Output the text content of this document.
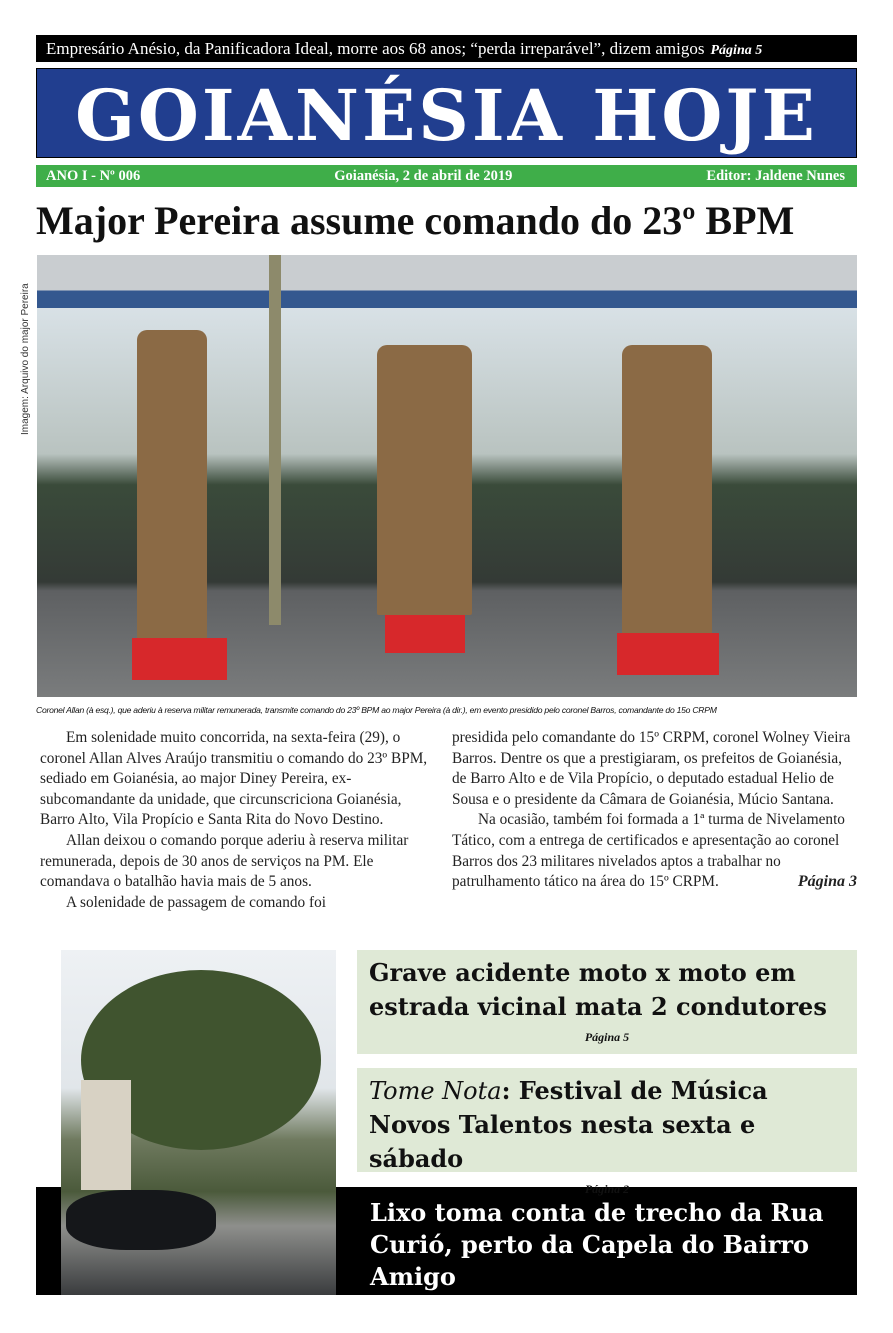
Empresário Anésio, da Panificadora Ideal, morre aos 68 anos; “perda irreparável”, dizem amigos Página 5
GOIANÉSIA HOJE
ANO I - Nº 006	Goianésia, 2 de abril de 2019	Editor: Jaldene Nunes
Major Pereira assume comando do 23º BPM
Imagem: Arquivo do major Pereira
Coronel Allan (à esq.), que aderiu à reserva militar remunerada, transmite comando do 23º BPM ao major Pereira (à dir.), em evento presidido pelo coronel Barros, comandante do 15o CRPM

Em solenidade muito concorrida, na sexta-feira (29), o coronel Allan Alves Araújo transmitiu o comando do 23º BPM, sediado em Goianésia, ao major Diney Pereira, ex-subcomandante da unidade, que circunscriciona Goianésia, Barro Alto, Vila Propício e Santa Rita do Novo Destino.

Allan deixou o comando porque aderiu à reserva militar remunerada, depois de 30 anos de serviços na PM. Ele comandava o batalhão havia mais de 5 anos.

A solenidade de passagem de comando foi

presidida pelo comandante do 15º CRPM, coronel Wolney Vieira Barros. Dentre os que a prestigiaram, os prefeitos de Goianésia, de Barro Alto e de Vila Propício, o deputado estadual Helio de Sousa e o presidente da Câmara de Goianésia, Múcio Santana.

Na ocasião, também foi formada a 1ª turma de Nivelamento Tático, com a entrega de certificados e apresentação ao coronel Barros dos 23 militares nivelados aptos a trabalhar no patrulhamento tático na área do 15º CRPM.	Página 3

Grave acidente moto x moto em estrada vicinal mata 2 condutores
Página 5
Tome Nota: Festival de Música Novos Talentos nesta sexta e sábado
Página 2
Lixo toma conta de trecho da Rua Curió, perto da Capela do Bairro Amigo
Página 4
